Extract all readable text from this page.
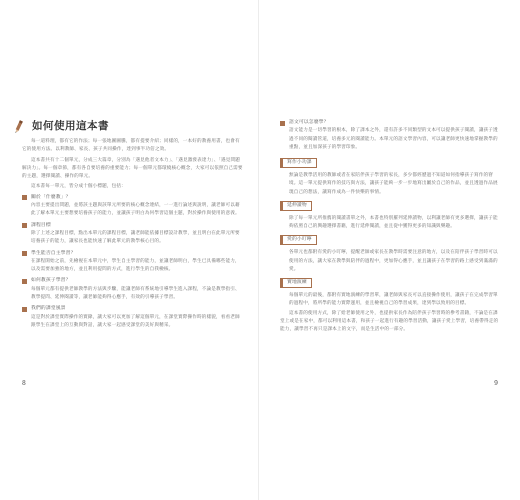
如何使用這本書

每一道料理，都有它的作法；每一張地圖圖騰，都有提要介紹；同樣的，一本好的教養用書，也會有它的使用方法。以利教師、家長、孩子共同操作，達到事半功倍之效。

這本書共有十二個單元，分成三大篇章，分別為「遇見他者文本力」、「遇見激發表達力」、「遇見問題解決力」。每一個章節，都有各自要培養的重要能力；每一個單元都環繞核心概念，大家可以依照自己需要的主題，選擇閱讀、操作的單元。

這本書每一單元，皆分成十個小標題，包括：

關於「什麼教」？

內容主要提出問題，並將該主題與該單元所要的核心概念連結，一一進行論述與說明，讓老師可以藉此了解本單元主要想要培養孩子的能力，並讓孩子明白為何學習這個主題，對於操作與使用的意義。

課程目標

除了上述之課程目標，點出本單元的課程目標，讓老師能依據目標設計教學，並且明白在此單元所要培養孩子的能力，讓家長也能快速了解此單元的教學核心目的。

學生能否自主學習？

在課程開始之前，先檢視在本單元中，學生自主學習的能力，並讓老師明白，學生已具備哪些能力，以及需要加強的地方，並且利用提問的方式，進行學生的自我檢核。

如何教孩子學習？

每個單元都有提供老師教學的方法與步驟，能讓老師有系統地引導學生進入課程，不論是教學指引、教學提問、延伸閱讀等，讓老師能夠得心應手，有效的引導孩子學習。

我們的課堂風景

這是對於課堂實際操作的實錄，讓大家可以更加了解這個單元，在課堂實際操作時的樣貌，看看老師跟學生在課堂上的互動與對話，讓大家一起感受課堂的美好與精采。

8
語文可以怎麼學？

語文能力是一切學習的根本，除了課本之外，還有許多不同類型的文本可以提供孩子閱讀，讓孩子透過不同的閱讀管道，培養多元的閱讀能力。本單元的語文學習內容，可以讓老師更快速地掌握教學的重點，並且加深孩子的學習印象。

寫作小功課

無論是教學活用的教師或者在家陪伴孩子學習的家長，多少都經歷過不知道如何指導孩子寫作的窘境。這一單元提供寫作的技巧與方法，讓孩子能夠一步一步地寫出屬於自己的作品，並且透過作品展現自己的想法，讓寫作成為一件快樂的事情。

延伸讀物

除了每一單元所推薦的閱讀書單之外，本書也特別羅列延伸讀物，以利讓老師有更多選擇，讓孩子能夠依照自己的興趣選擇書籍，進行延伸閱讀，並且從中獲得更多的知識與樂趣。

愛的小叮嚀

各單元也都附有愛的小叮嚀，提醒老師或家長在教學時需要注意的地方，以及在陪伴孩子學習時可以使用的方法，讓大家在教學與陪伴的過程中，更加得心應手，並且讓孩子在學習的路上感受到滿滿的愛。

實地演練

每個單元的最後，都附有實地演練的學習單，讓老師與家長可以直接操作使用，讓孩子在完成學習單的過程中，將所學的能力實際運用，並且檢視自己的學習成果，達到學以致用的目標。

這本書的使用方式，除了給老師使用之外，也提供家長作為陪伴孩子學習時的參考書籍，不論是在課堂上或是在家中，都可以利用這本書，和孩子一起進行有趣的學習活動，讓孩子愛上學習，培養帶得走的能力，讓學習不再只是課本上的文字，而是生活中的一部分。

9
